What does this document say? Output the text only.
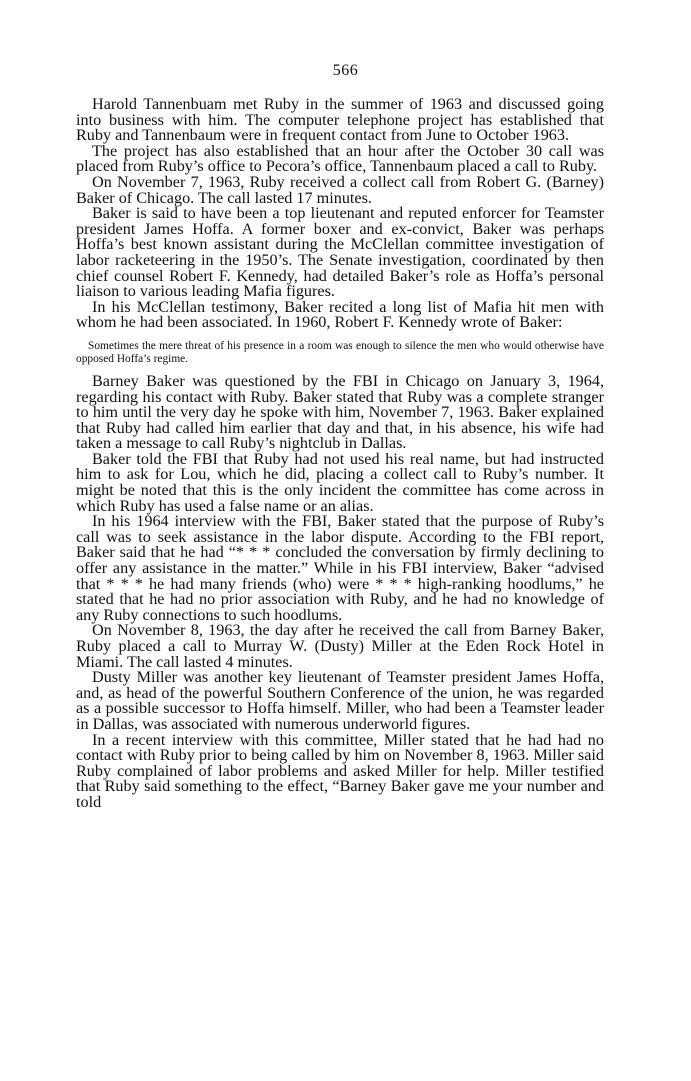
566

Harold Tannenbuam met Ruby in the summer of 1963 and discussed going into business with him. The computer telephone project has established that Ruby and Tannenbaum were in frequent contact from June to October 1963.

The project has also established that an hour after the October 30 call was placed from Ruby’s office to Pecora’s office, Tannenbaum placed a call to Ruby.

On November 7, 1963, Ruby received a collect call from Robert G. (Barney) Baker of Chicago. The call lasted 17 minutes.

Baker is said to have been a top lieutenant and reputed enforcer for Teamster president James Hoffa. A former boxer and ex-convict, Baker was perhaps Hoffa’s best known assistant during the McClellan committee investigation of labor racketeering in the 1950’s. The Senate investigation, coordinated by then chief counsel Robert F. Kennedy, had detailed Baker’s role as Hoffa’s personal liaison to various leading Mafia figures.

In his McClellan testimony, Baker recited a long list of Mafia hit men with whom he had been associated. In 1960, Robert F. Kennedy wrote of Baker:

Sometimes the mere threat of his presence in a room was enough to silence the men who would otherwise have opposed Hoffa’s regime.

Barney Baker was questioned by the FBI in Chicago on January 3, 1964, regarding his contact with Ruby. Baker stated that Ruby was a complete stranger to him until the very day he spoke with him, November 7, 1963. Baker explained that Ruby had called him earlier that day and that, in his absence, his wife had taken a message to call Ruby’s nightclub in Dallas.

Baker told the FBI that Ruby had not used his real name, but had instructed him to ask for Lou, which he did, placing a collect call to Ruby’s number. It might be noted that this is the only incident the committee has come across in which Ruby has used a false name or an alias.

In his 1964 interview with the FBI, Baker stated that the purpose of Ruby’s call was to seek assistance in the labor dispute. According to the FBI report, Baker said that he had “* * * concluded the conversation by firmly declining to offer any assistance in the matter.” While in his FBI interview, Baker “advised that * * * he had many friends (who) were * * * high-ranking hoodlums,” he stated that he had no prior association with Ruby, and he had no knowledge of any Ruby connections to such hoodlums.

On November 8, 1963, the day after he received the call from Barney Baker, Ruby placed a call to Murray W. (Dusty) Miller at the Eden Rock Hotel in Miami. The call lasted 4 minutes.

Dusty Miller was another key lieutenant of Teamster president James Hoffa, and, as head of the powerful Southern Conference of the union, he was regarded as a possible successor to Hoffa himself. Miller, who had been a Teamster leader in Dallas, was associated with numerous underworld figures.

In a recent interview with this committee, Miller stated that he had had no contact with Ruby prior to being called by him on November 8, 1963. Miller said Ruby complained of labor problems and asked Miller for help. Miller testified that Ruby said something to the effect, “Barney Baker gave me your number and told
